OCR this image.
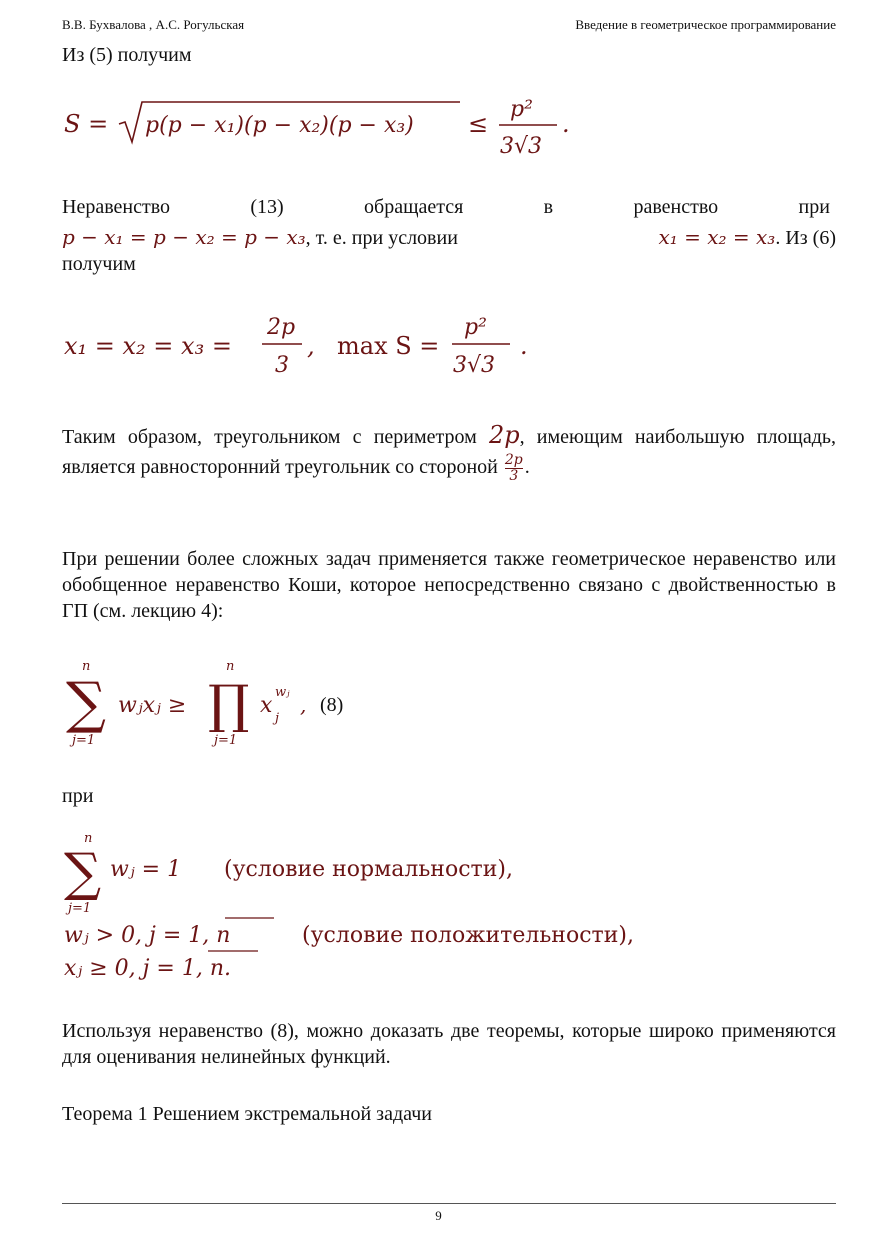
В.В. Бухвалова , А.С. Рогульская	Введение в геометрическое программирование
Из (5) получим
S = p(p − x₁)(p − x₂)(p − x₃) ≤
p²
3√3
.
Неравенство	(13)	обращается	в	равенство	при
p − x₁ = p − x₂ = p − x₃, т. е. при условии	x₁ = x₂ = x₃. Из (6)
получим
x₁ = x₂ = x₃ =
2p
3
, max S =
p²
3√3
.
Таким образом, треугольником с периметром 2p, имеющим наибольшую площадь, является равносторонний треугольник со стороной $\frac{2p}{3}$ .
При решении более сложных задач применяется также геометрическое неравенство или обобщенное неравенство Коши, которое непосредственно связано с двойственностью в ГП (см. лекцию 4):
n
∑
j=1
wⱼxⱼ ≥
n
∏
j=1
x
j
wⱼ
, (8)
при
n
∑
j=1
wⱼ = 1 (условие нормальности),
wⱼ > 0, j = 1, n	(условие положительности),
xⱼ ≥ 0, j = 1, n.
Используя неравенство (8), можно доказать две теоремы, которые широко применяются для оценивания нелинейных функций.
Теорема 1 Решением экстремальной задачи
9
